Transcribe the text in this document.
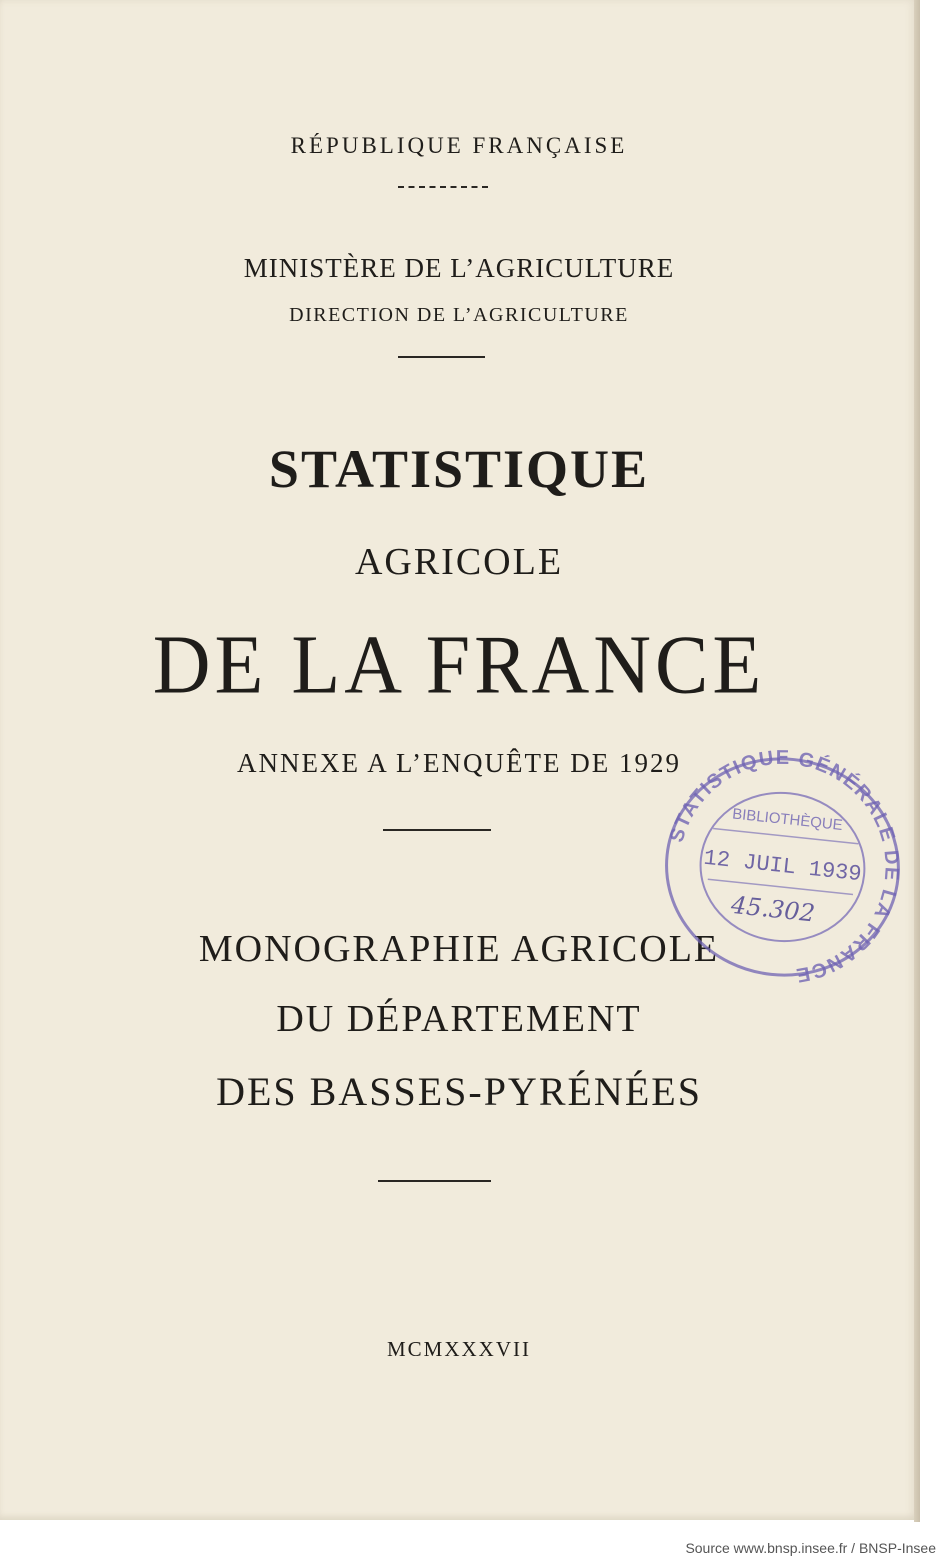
RÉPUBLIQUE FRANÇAISE
MINISTÈRE DE L’AGRICULTURE
DIRECTION DE L’AGRICULTURE
STATISTIQUE
AGRICOLE
DE LA FRANCE
ANNEXE A L’ENQUÊTE DE 1929
MONOGRAPHIE AGRICOLE
DU DÉPARTEMENT
DES BASSES-PYRÉNÉES
MCMXXXVII
STATISTIQUE GÉNÉRALE DE LA FRANCE
BIBLIOTHÈQUE
12 JUIL 1939
45.302
Source www.bnsp.insee.fr / BNSP-Insee
